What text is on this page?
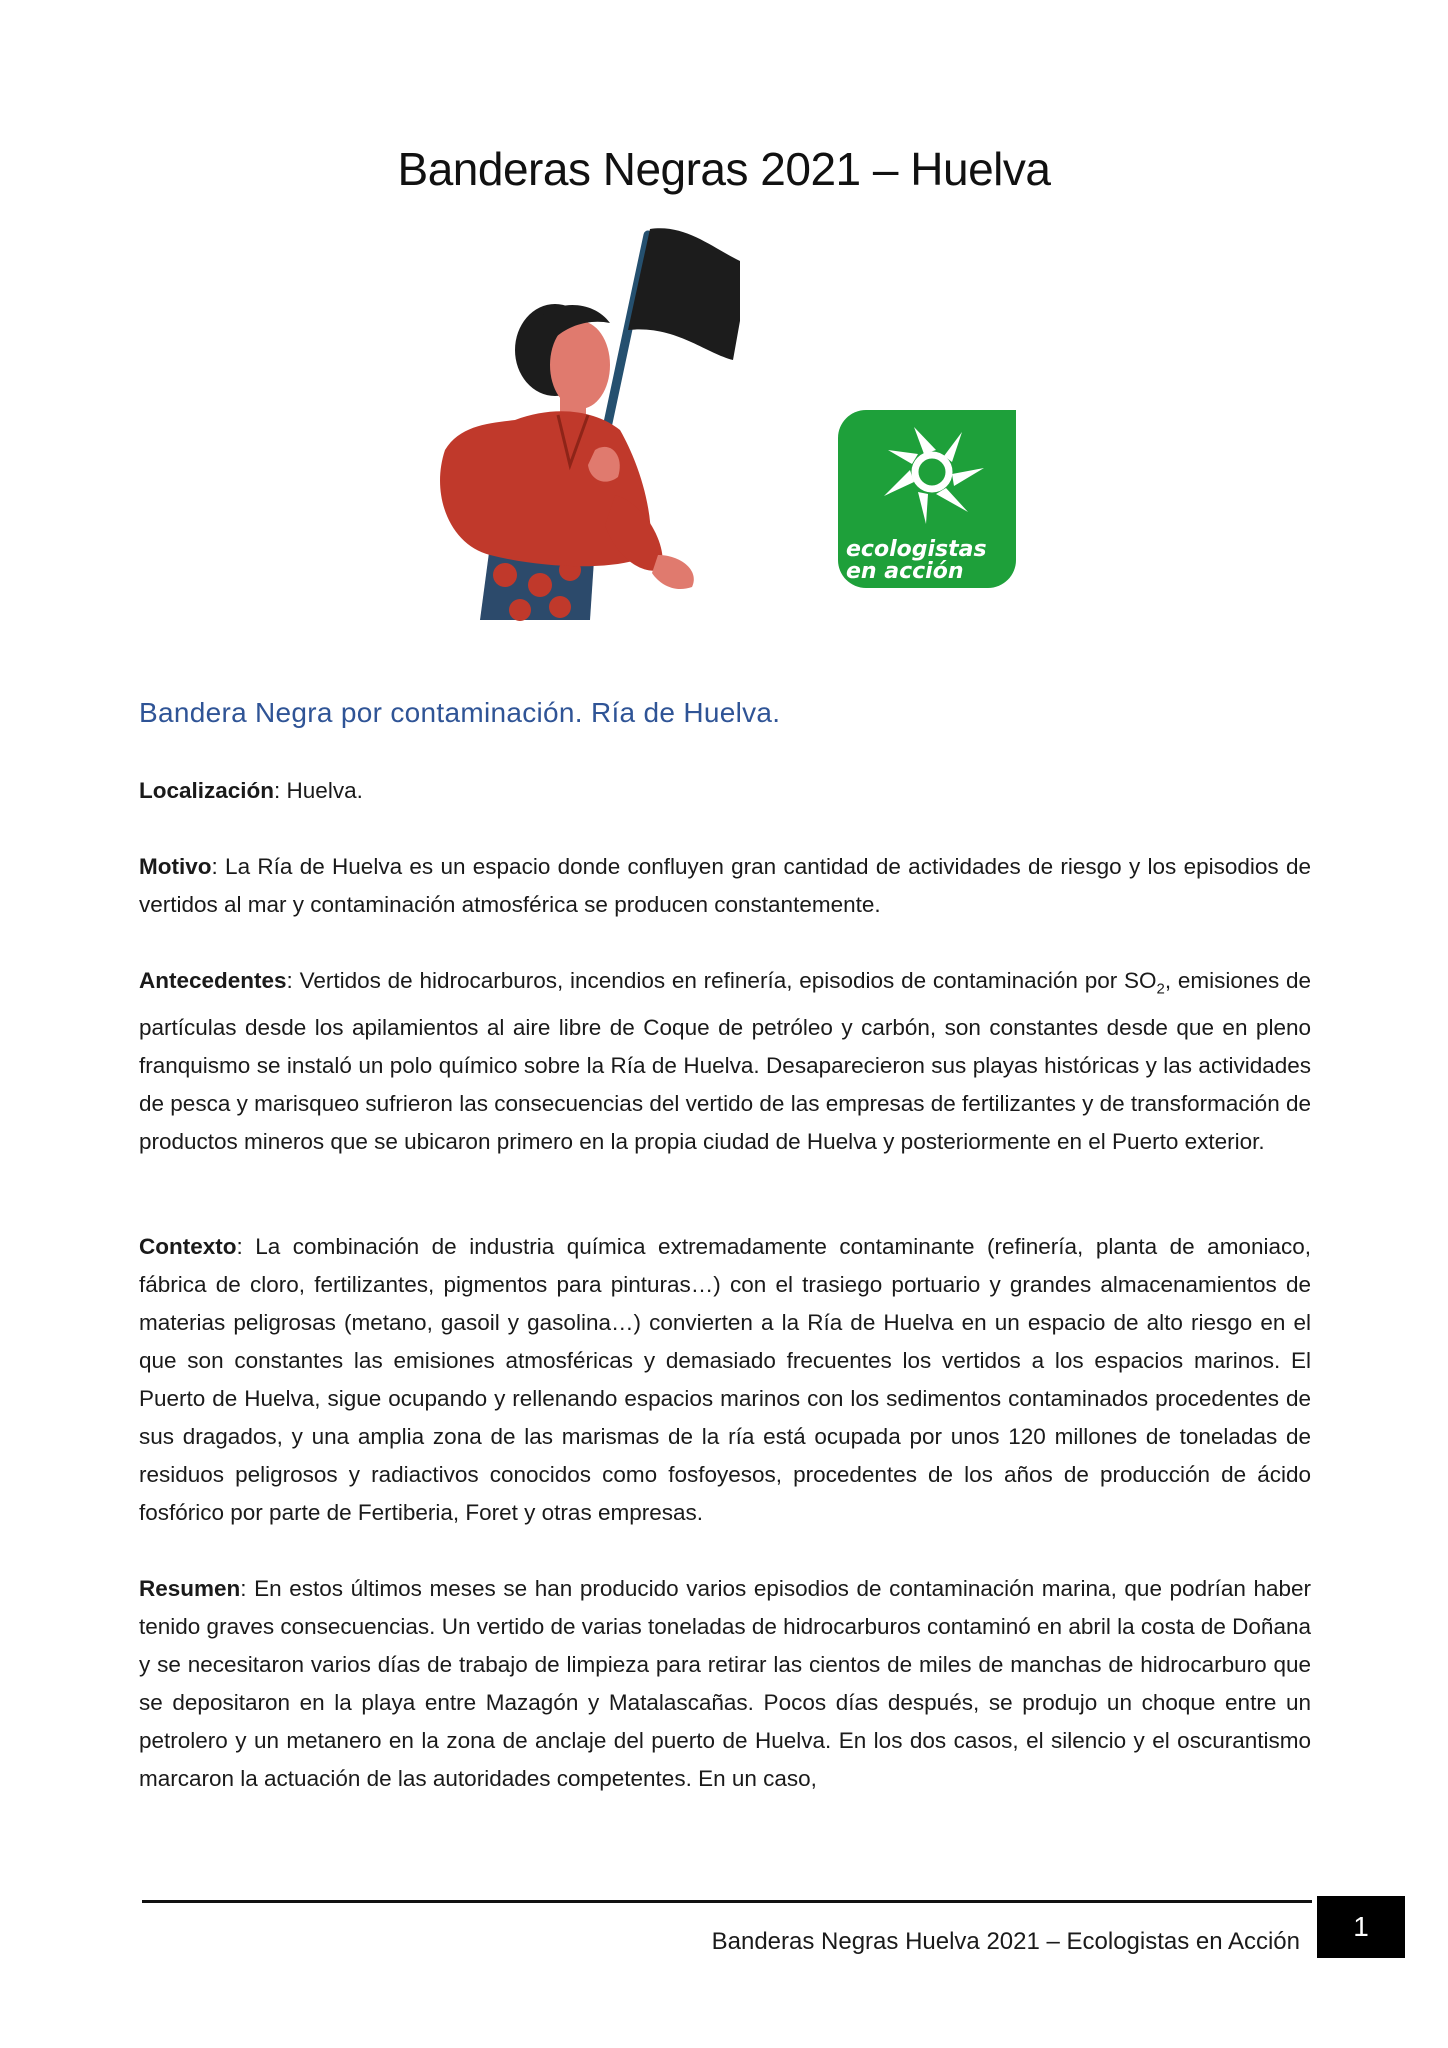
Banderas Negras 2021 – Huelva
ecologistas
en acción
Bandera Negra por contaminación. Ría de Huelva.
Localización: Huelva.
Motivo: La Ría de Huelva es un espacio donde confluyen gran cantidad de actividades de riesgo y los episodios de vertidos al mar y contaminación atmosférica se producen constantemente.
Antecedentes: Vertidos de hidrocarburos, incendios en refinería, episodios de contaminación por $SO_2$, emisiones de partículas desde los apilamientos al aire libre de Coque de petróleo y carbón, son constantes desde que en pleno franquismo se instaló un polo químico sobre la Ría de Huelva. Desaparecieron sus playas históricas y las actividades de pesca y marisqueo sufrieron las consecuencias del vertido de las empresas de fertilizantes y de transformación de productos mineros que se ubicaron primero en la propia ciudad de Huelva y posteriormente en el Puerto exterior.
Contexto: La combinación de industria química extremadamente contaminante (refinería, planta de amoniaco, fábrica de cloro, fertilizantes, pigmentos para pinturas…) con el trasiego portuario y grandes almacenamientos de materias peligrosas (metano, gasoil y gasolina…) convierten a la Ría de Huelva en un espacio de alto riesgo en el que son constantes las emisiones atmosféricas y demasiado frecuentes los vertidos a los espacios marinos. El Puerto de Huelva, sigue ocupando y rellenando espacios marinos con los sedimentos contaminados procedentes de sus dragados, y una amplia zona de las marismas de la ría está ocupada por unos 120 millones de toneladas de residuos peligrosos y radiactivos conocidos como fosfoyesos, procedentes de los años de producción de ácido fosfórico por parte de Fertiberia, Foret y otras empresas.
Resumen: En estos últimos meses se han producido varios episodios de contaminación marina, que podrían haber tenido graves consecuencias. Un vertido de varias toneladas de hidrocarburos contaminó en abril la costa de Doñana y se necesitaron varios días de trabajo de limpieza para retirar las cientos de miles de manchas de hidrocarburo que se depositaron en la playa entre Mazagón y Matalascañas. Pocos días después, se produjo un choque entre un petrolero y un metanero en la zona de anclaje del puerto de Huelva. En los dos casos, el silencio y el oscurantismo marcaron la actuación de las autoridades competentes. En un caso,
Banderas Negras Huelva 2021 – Ecologistas en Acción	1
